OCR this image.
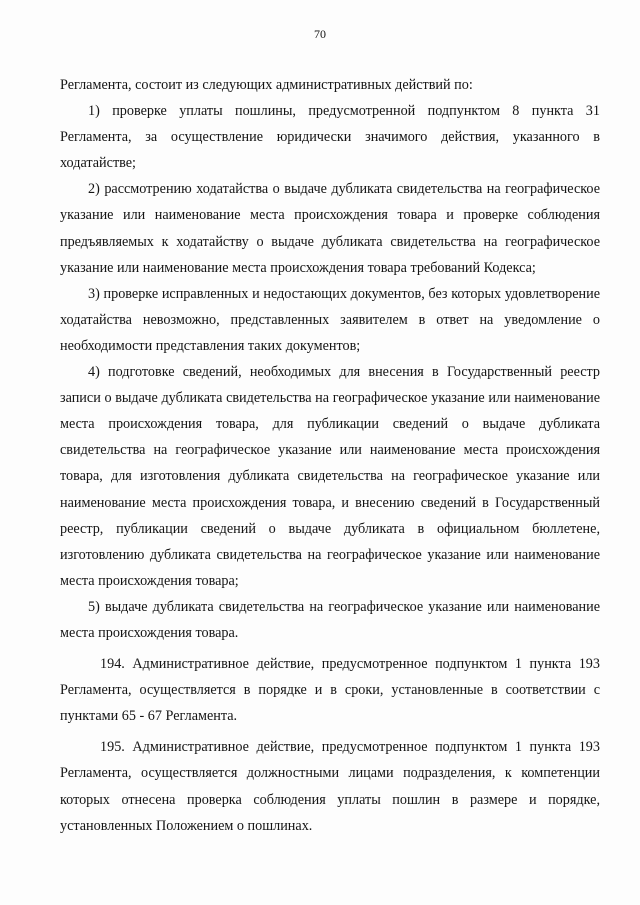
70

Регламента, состоит из следующих административных действий по:

1) проверке уплаты пошлины, предусмотренной подпунктом 8 пункта 31 Регламента, за осуществление юридически значимого действия, указанного в ходатайстве;

2) рассмотрению ходатайства о выдаче дубликата свидетельства на географическое указание или наименование места происхождения товара и проверке соблюдения предъявляемых к ходатайству о выдаче дубликата свидетельства на географическое указание или наименование места происхождения товара требований Кодекса;

3) проверке исправленных и недостающих документов, без которых удовлетворение ходатайства невозможно, представленных заявителем в ответ на уведомление о необходимости представления таких документов;

4) подготовке сведений, необходимых для внесения в Государственный реестр записи о выдаче дубликата свидетельства на географическое указание или наименование места происхождения товара, для публикации сведений о выдаче дубликата свидетельства на географическое указание или наименование места происхождения товара, для изготовления дубликата свидетельства на географическое указание или наименование места происхождения товара, и внесению сведений в Государственный реестр, публикации сведений о выдаче дубликата в официальном бюллетене, изготовлению дубликата свидетельства на географическое указание или наименование места происхождения товара;

5) выдаче дубликата свидетельства на географическое указание или наименование места происхождения товара.

194. Административное действие, предусмотренное подпунктом 1 пункта 193 Регламента, осуществляется в порядке и в сроки, установленные в соответствии с пунктами 65 - 67 Регламента.

195. Административное действие, предусмотренное подпунктом 1 пункта 193 Регламента, осуществляется должностными лицами подразделения, к компетенции которых отнесена проверка соблюдения уплаты пошлин в размере и порядке, установленных Положением о пошлинах.
